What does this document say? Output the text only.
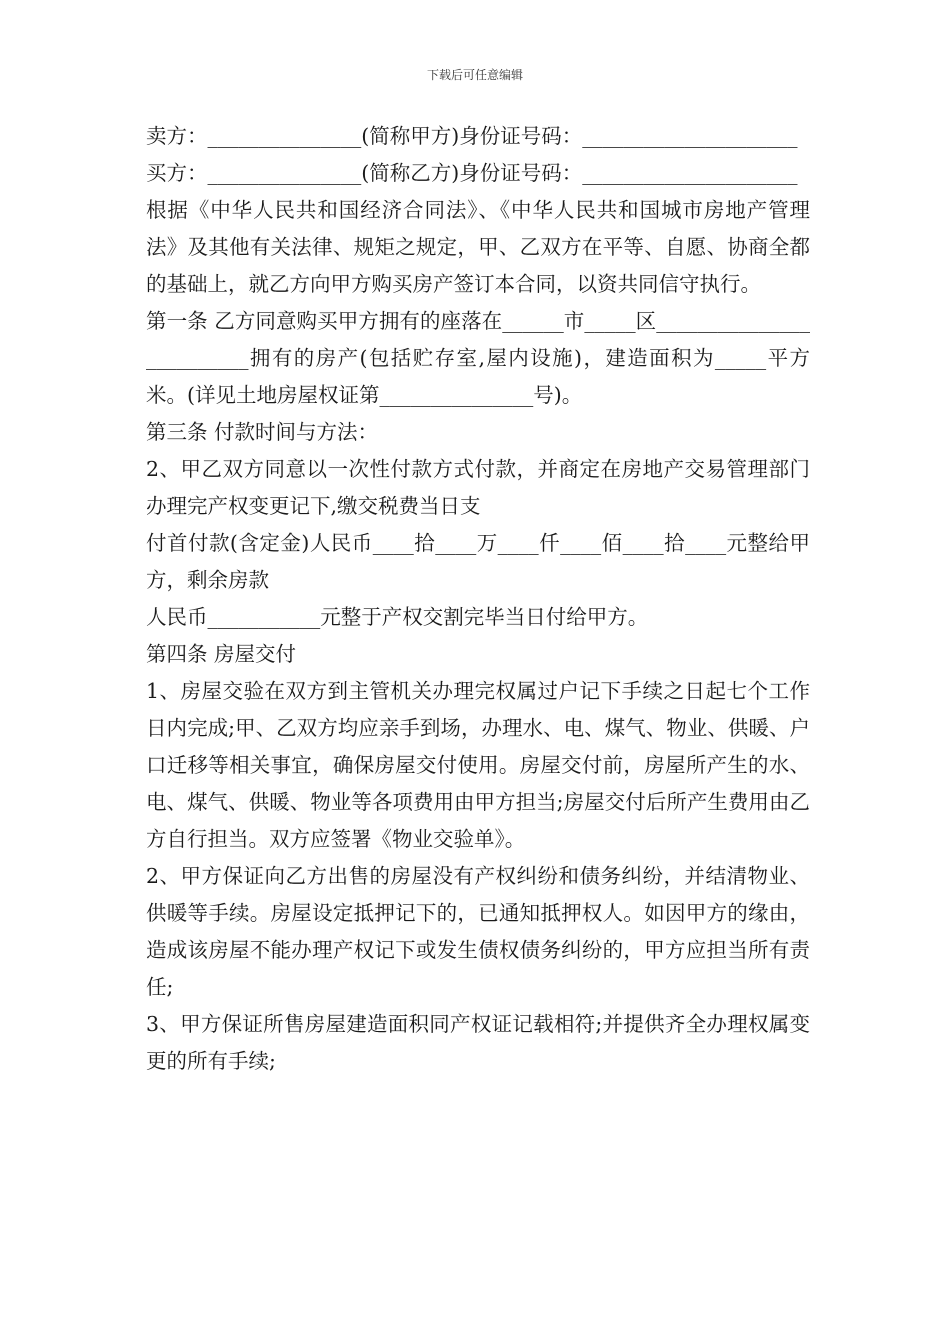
下载后可任意编辑

卖方：_______________(简称甲方)身份证号码：_____________________

买方：_______________(简称乙方)身份证号码：_____________________

根据《中华人民共和国经济合同法》、《中华人民共和国城市房地产管理法》及其他有关法律、规矩之规定，甲、乙双方在平等、自愿、协商全都的基础上，就乙方向甲方购买房产签订本合同，以资共同信守执行。

第一条 乙方同意购买甲方拥有的座落在______市_____区_________________________拥有的房产(包括贮存室,屋内设施)，建造面积为_____平方米。(详见土地房屋权证第_______________号)。

第三条 付款时间与方法：

2、甲乙双方同意以一次性付款方式付款，并商定在房地产交易管理部门办理完产权变更记下,缴交税费当日支

付首付款(含定金)人民币____拾____万____仟____佰____拾____元整给甲方，剩余房款

人民币___________元整于产权交割完毕当日付给甲方。

第四条 房屋交付

1、房屋交验在双方到主管机关办理完权属过户记下手续之日起七个工作日内完成;甲、乙双方均应亲手到场，办理水、电、煤气、物业、供暖、户口迁移等相关事宜，确保房屋交付使用。房屋交付前，房屋所产生的水、电、煤气、供暖、物业等各项费用由甲方担当;房屋交付后所产生费用由乙方自行担当。双方应签署《物业交验单》。

2、甲方保证向乙方出售的房屋没有产权纠纷和债务纠纷，并结清物业、供暖等手续。房屋设定抵押记下的，已通知抵押权人。如因甲方的缘由，造成该房屋不能办理产权记下或发生债权债务纠纷的，甲方应担当所有责任;

3、甲方保证所售房屋建造面积同产权证记载相符;并提供齐全办理权属变更的所有手续;
